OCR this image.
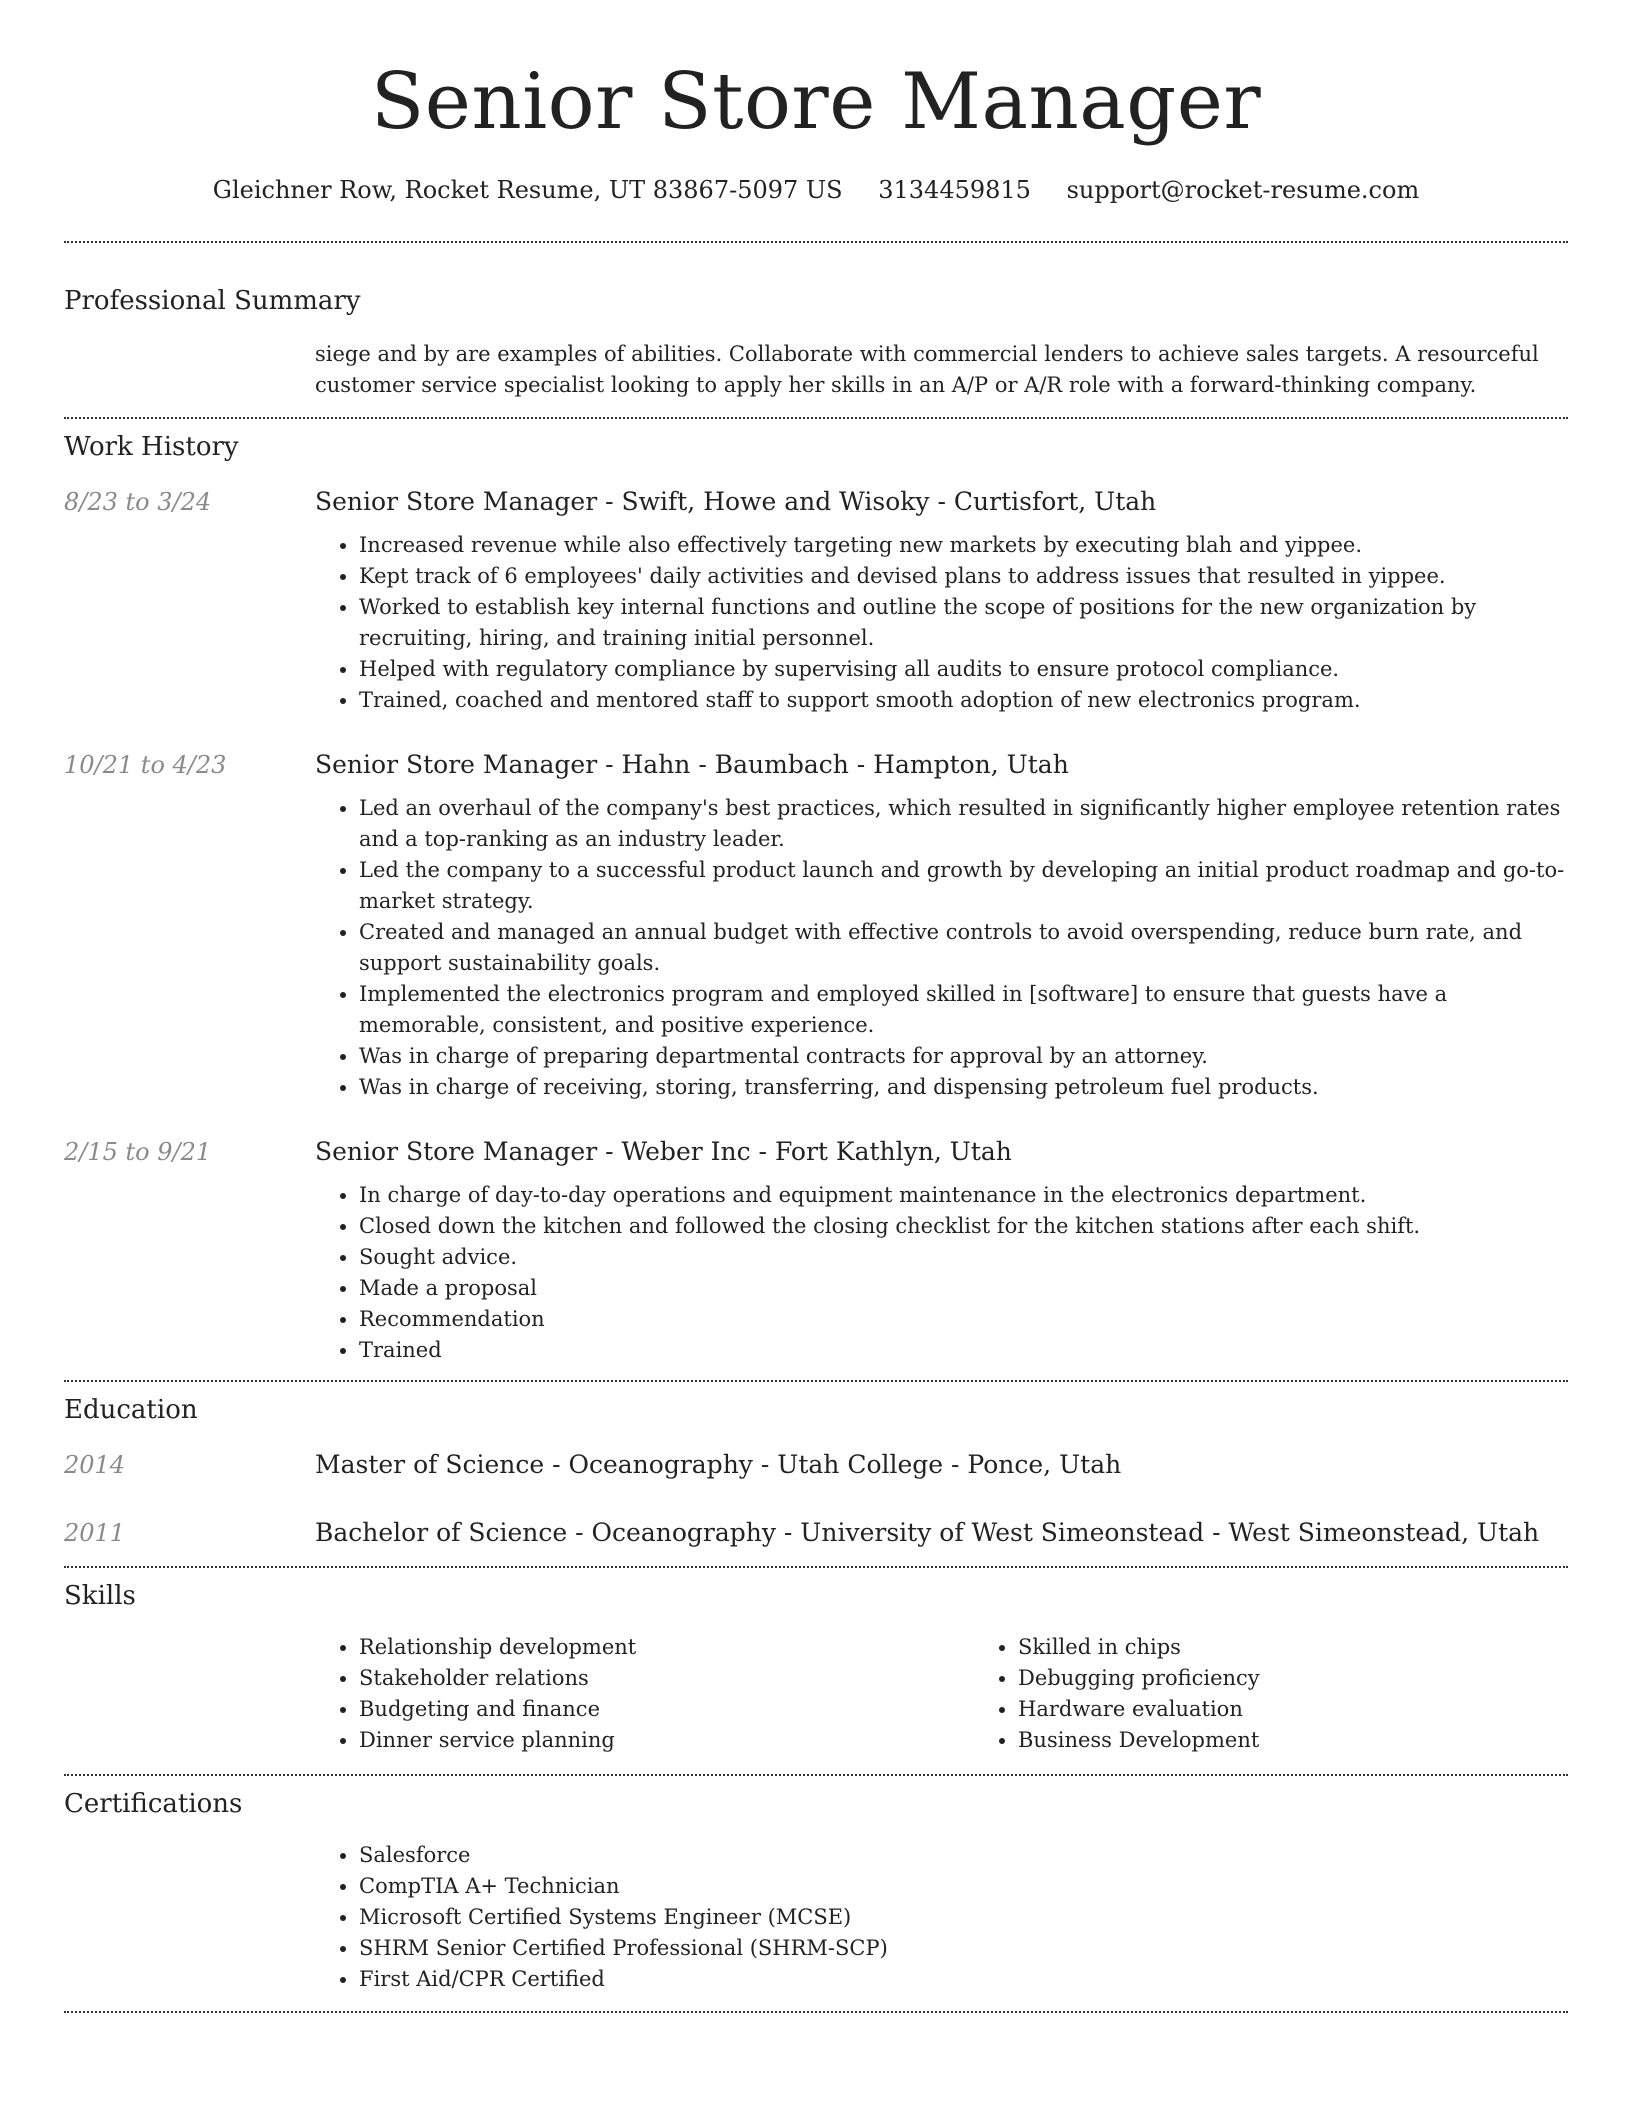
Senior Store Manager
Gleichner Row, Rocket Resume, UT 83867-5097 US 3134459815 support@rocket-resume.com
Professional Summary
siege and by are examples of abilities. Collaborate with commercial lenders to achieve sales targets. A resourceful customer service specialist looking to apply her skills in an A/P or A/R role with a forward-thinking company.
Work History
8/23 to 3/24	Senior Store Manager - Swift, Howe and Wisoky - Curtisfort, Utah
• Increased revenue while also effectively targeting new markets by executing blah and yippee.
• Kept track of 6 employees' daily activities and devised plans to address issues that resulted in yippee.
• Worked to establish key internal functions and outline the scope of positions for the new organization by recruiting, hiring, and training initial personnel.
• Helped with regulatory compliance by supervising all audits to ensure protocol compliance.
• Trained, coached and mentored staff to support smooth adoption of new electronics program.
10/21 to 4/23	Senior Store Manager - Hahn - Baumbach - Hampton, Utah
• Led an overhaul of the company's best practices, which resulted in significantly higher employee retention rates and a top-ranking as an industry leader.
• Led the company to a successful product launch and growth by developing an initial product roadmap and go-to-market strategy.
• Created and managed an annual budget with effective controls to avoid overspending, reduce burn rate, and support sustainability goals.
• Implemented the electronics program and employed skilled in [software] to ensure that guests have a memorable, consistent, and positive experience.
• Was in charge of preparing departmental contracts for approval by an attorney.
• Was in charge of receiving, storing, transferring, and dispensing petroleum fuel products.
2/15 to 9/21	Senior Store Manager - Weber Inc - Fort Kathlyn, Utah
• In charge of day-to-day operations and equipment maintenance in the electronics department.
• Closed down the kitchen and followed the closing checklist for the kitchen stations after each shift.
• Sought advice.
• Made a proposal
• Recommendation
• Trained
Education
2014	Master of Science - Oceanography - Utah College - Ponce, Utah
2011	Bachelor of Science - Oceanography - University of West Simeonstead - West Simeonstead, Utah
Skills
• Relationship development
• Stakeholder relations
• Budgeting and finance
• Dinner service planning
• Skilled in chips
• Debugging proficiency
• Hardware evaluation
• Business Development
Certifications
• Salesforce
• CompTIA A+ Technician
• Microsoft Certified Systems Engineer (MCSE)
• SHRM Senior Certified Professional (SHRM-SCP)
• First Aid/CPR Certified
